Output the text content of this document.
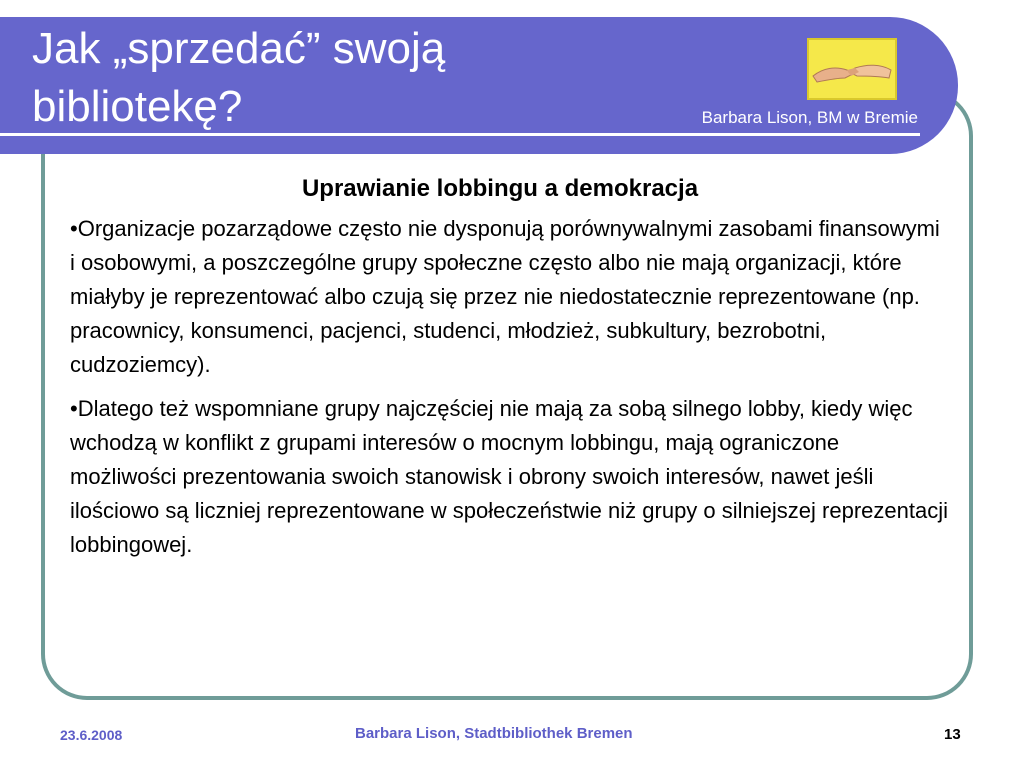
Jak „sprzedać” swoją bibliotekę?	Barbara Lison, BM w Bremie
Uprawianie lobbingu a demokracja

•Organizacje pozarządowe często nie dysponują porównywalnymi zasobami finansowymi i osobowymi, a poszczególne grupy społeczne często albo nie mają organizacji, które miałyby je reprezentować albo czują się przez nie niedostatecznie reprezentowane (np. pracownicy, konsumenci, pacjenci, studenci, młodzież, subkultury, bezrobotni, cudzoziemcy).

•Dlatego też wspomniane grupy najczęściej nie mają za sobą silnego lobby, kiedy więc wchodzą w konflikt z grupami interesów o mocnym lobbingu, mają ograniczone możliwości prezentowania swoich stanowisk i obrony swoich interesów, nawet jeśli ilościowo są liczniej reprezentowane w społeczeństwie niż grupy o silniejszej reprezentacji lobbingowej.

23.6.2008	Barbara Lison, Stadtbibliothek Bremen	13
